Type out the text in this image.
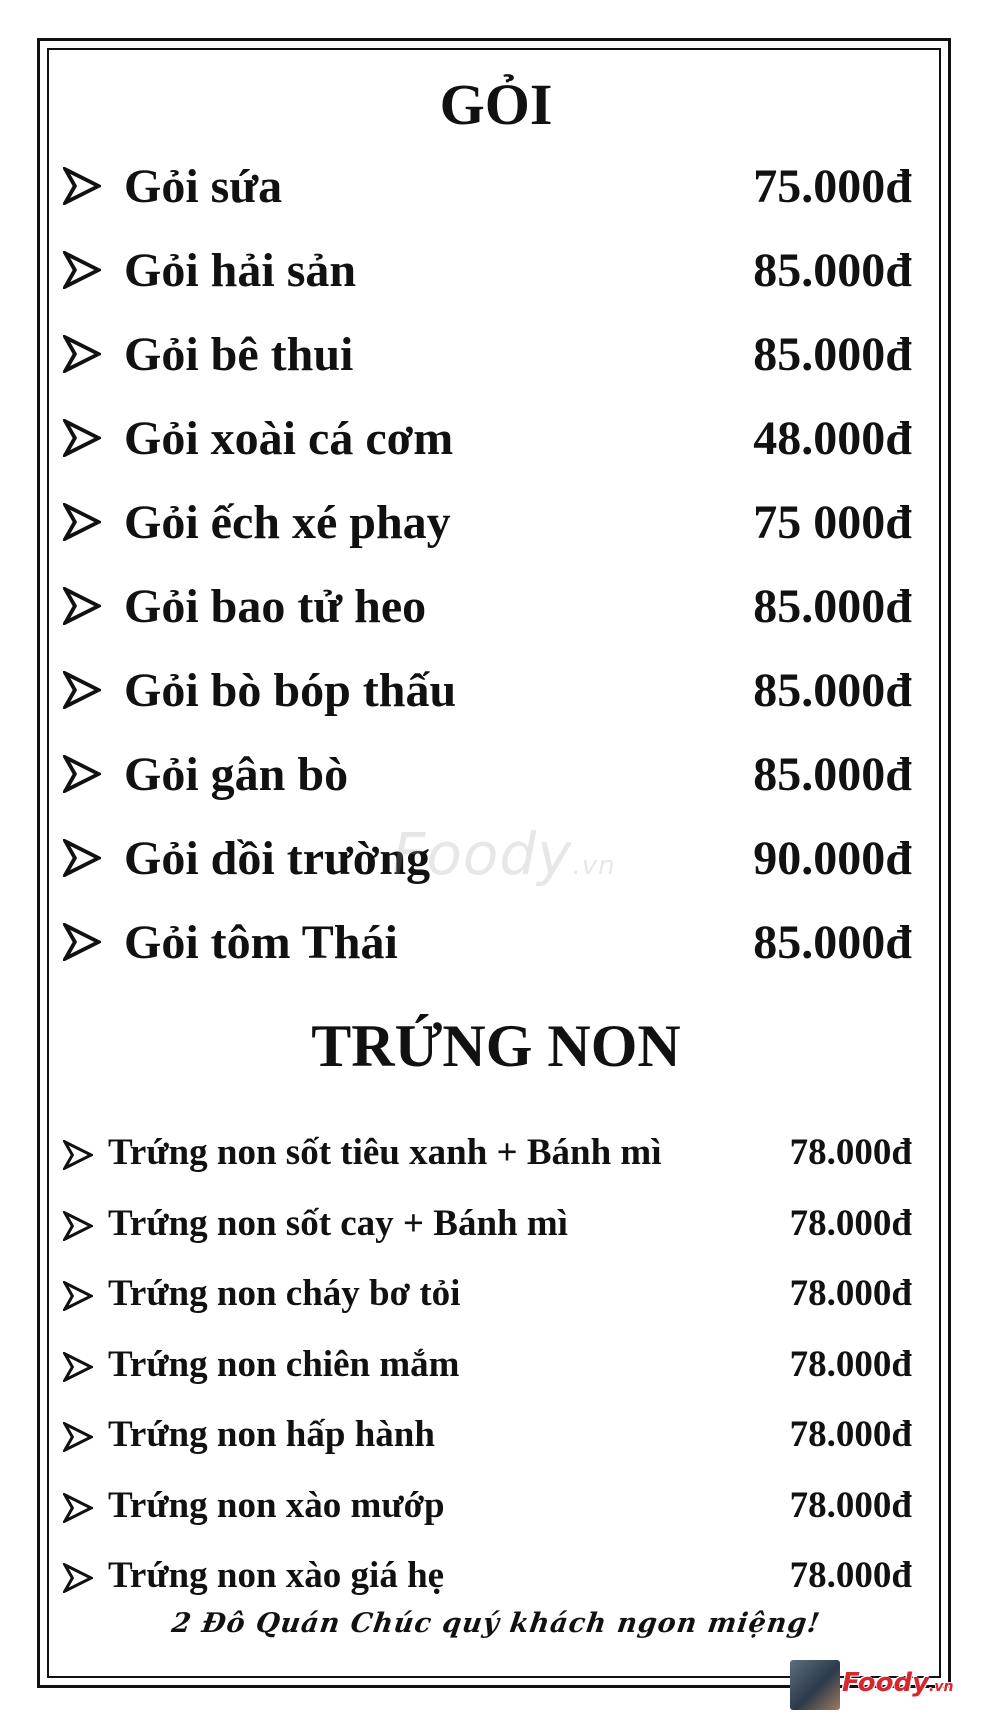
GỎI
Gỏi sứa	75.000đ
Gỏi hải sản	85.000đ
Gỏi bê thui	85.000đ
Gỏi xoài cá cơm	48.000đ
Gỏi ếch xé phay	75 000đ
Gỏi bao tử heo	85.000đ
Gỏi bò bóp thấu	85.000đ
Gỏi gân bò	85.000đ
Gỏi dồi trường	90.000đ
Gỏi tôm Thái	85.000đ
TRỨNG NON
Trứng non sốt tiêu xanh + Bánh mì	78.000đ
Trứng non sốt cay + Bánh mì	78.000đ
Trứng non cháy bơ tỏi	78.000đ
Trứng non chiên mắm	78.000đ
Trứng non hấp hành	78.000đ
Trứng non xào mướp	78.000đ
Trứng non xào giá hẹ	78.000đ
Foody.vn
2 Đô Quán Chúc quý khách ngon miệng!
Foody.vn
